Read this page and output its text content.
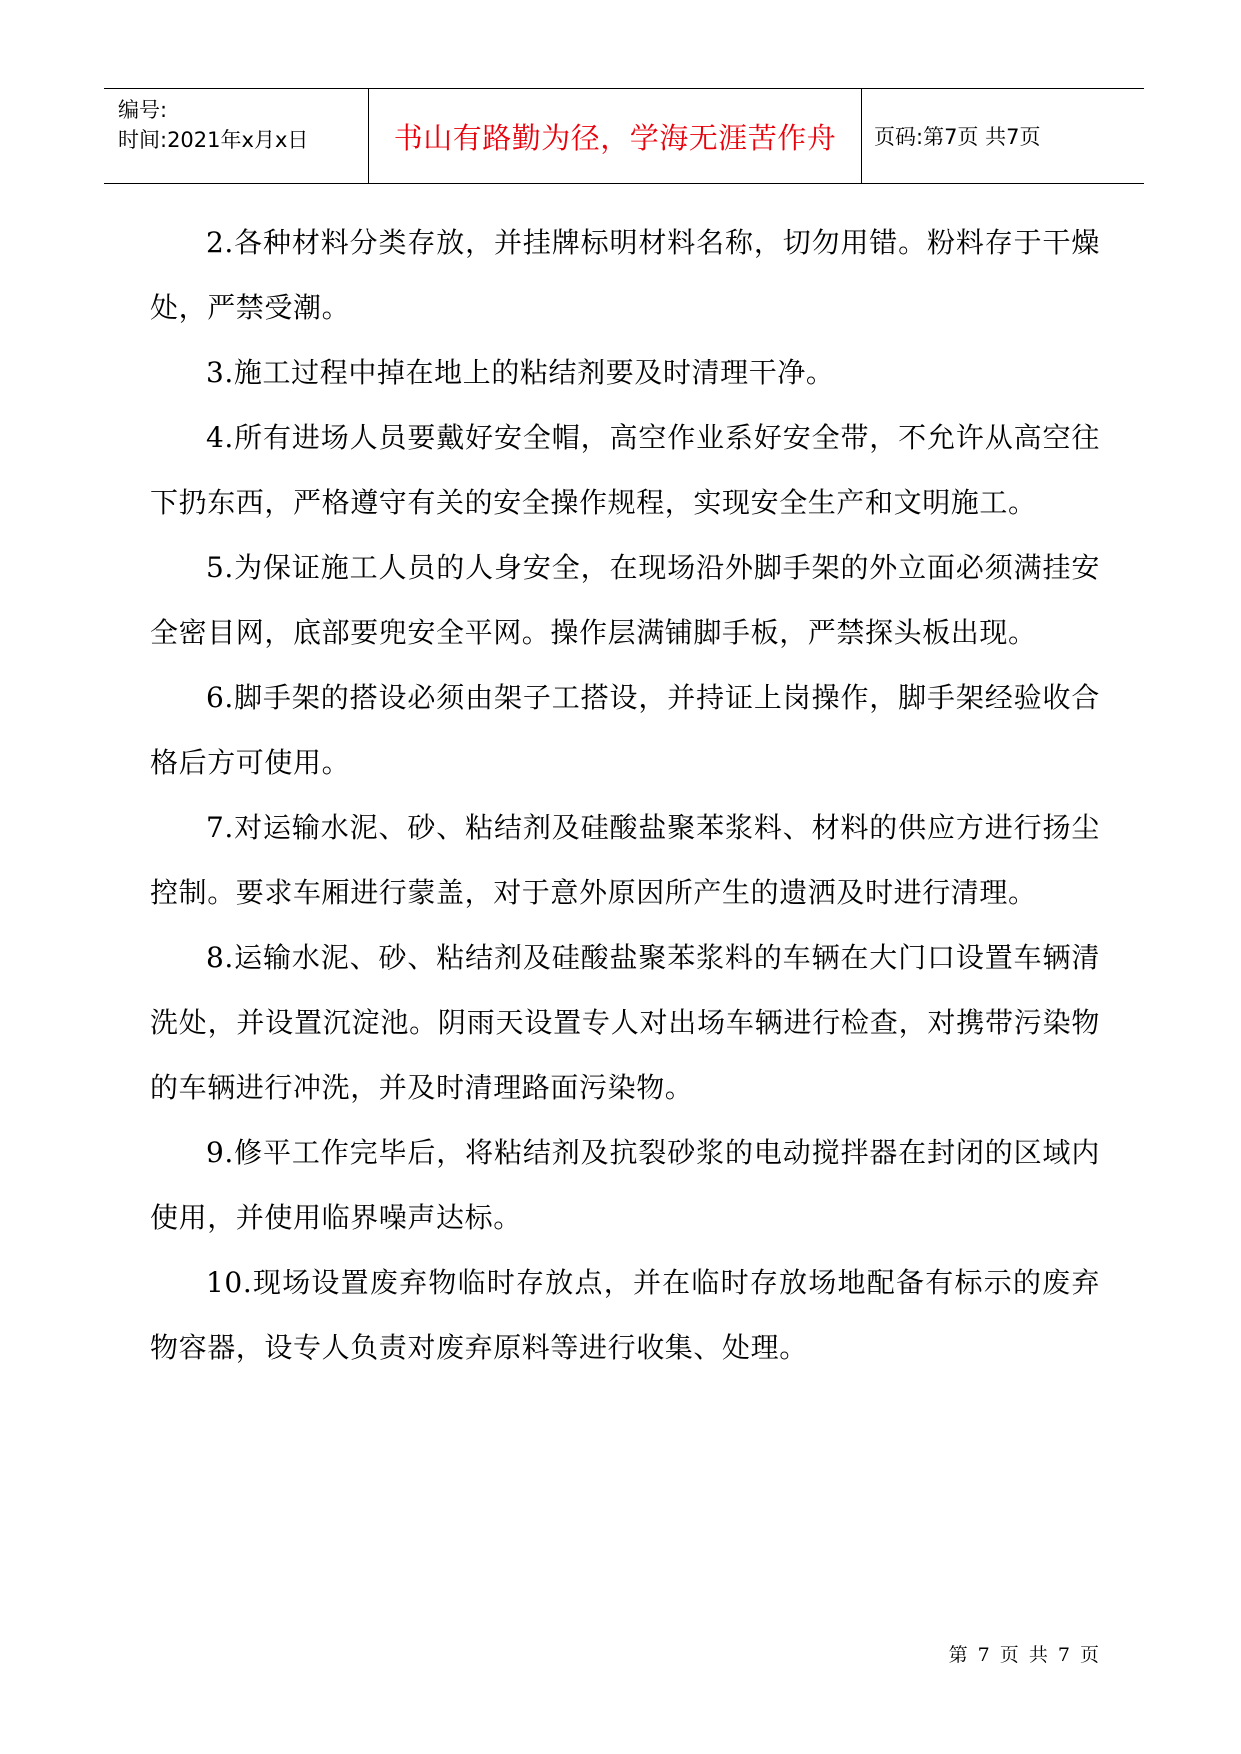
编号:
时间:2021年x月x日	书山有路勤为径，学海无涯苦作舟 页码:第7页 共7页

2.各种材料分类存放，并挂牌标明材料名称，切勿用错。粉料存于干燥处，严禁受潮。

3.施工过程中掉在地上的粘结剂要及时清理干净。

4.所有进场人员要戴好安全帽，高空作业系好安全带，不允许从高空往下扔东西，严格遵守有关的安全操作规程，实现安全生产和文明施工。

5.为保证施工人员的人身安全，在现场沿外脚手架的外立面必须满挂安全密目网，底部要兜安全平网。操作层满铺脚手板，严禁探头板出现。

6.脚手架的搭设必须由架子工搭设，并持证上岗操作，脚手架经验收合格后方可使用。

7.对运输水泥、砂、粘结剂及硅酸盐聚苯浆料、材料的供应方进行扬尘控制。要求车厢进行蒙盖，对于意外原因所产生的遗洒及时进行清理。

8.运输水泥、砂、粘结剂及硅酸盐聚苯浆料的车辆在大门口设置车辆清洗处，并设置沉淀池。阴雨天设置专人对出场车辆进行检查，对携带污染物的车辆进行冲洗，并及时清理路面污染物。

9.修平工作完毕后，将粘结剂及抗裂砂浆的电动搅拌器在封闭的区域内使用，并使用临界噪声达标。

10.现场设置废弃物临时存放点，并在临时存放场地配备有标示的废弃物容器，设专人负责对废弃原料等进行收集、处理。

第 7 页 共 7 页
